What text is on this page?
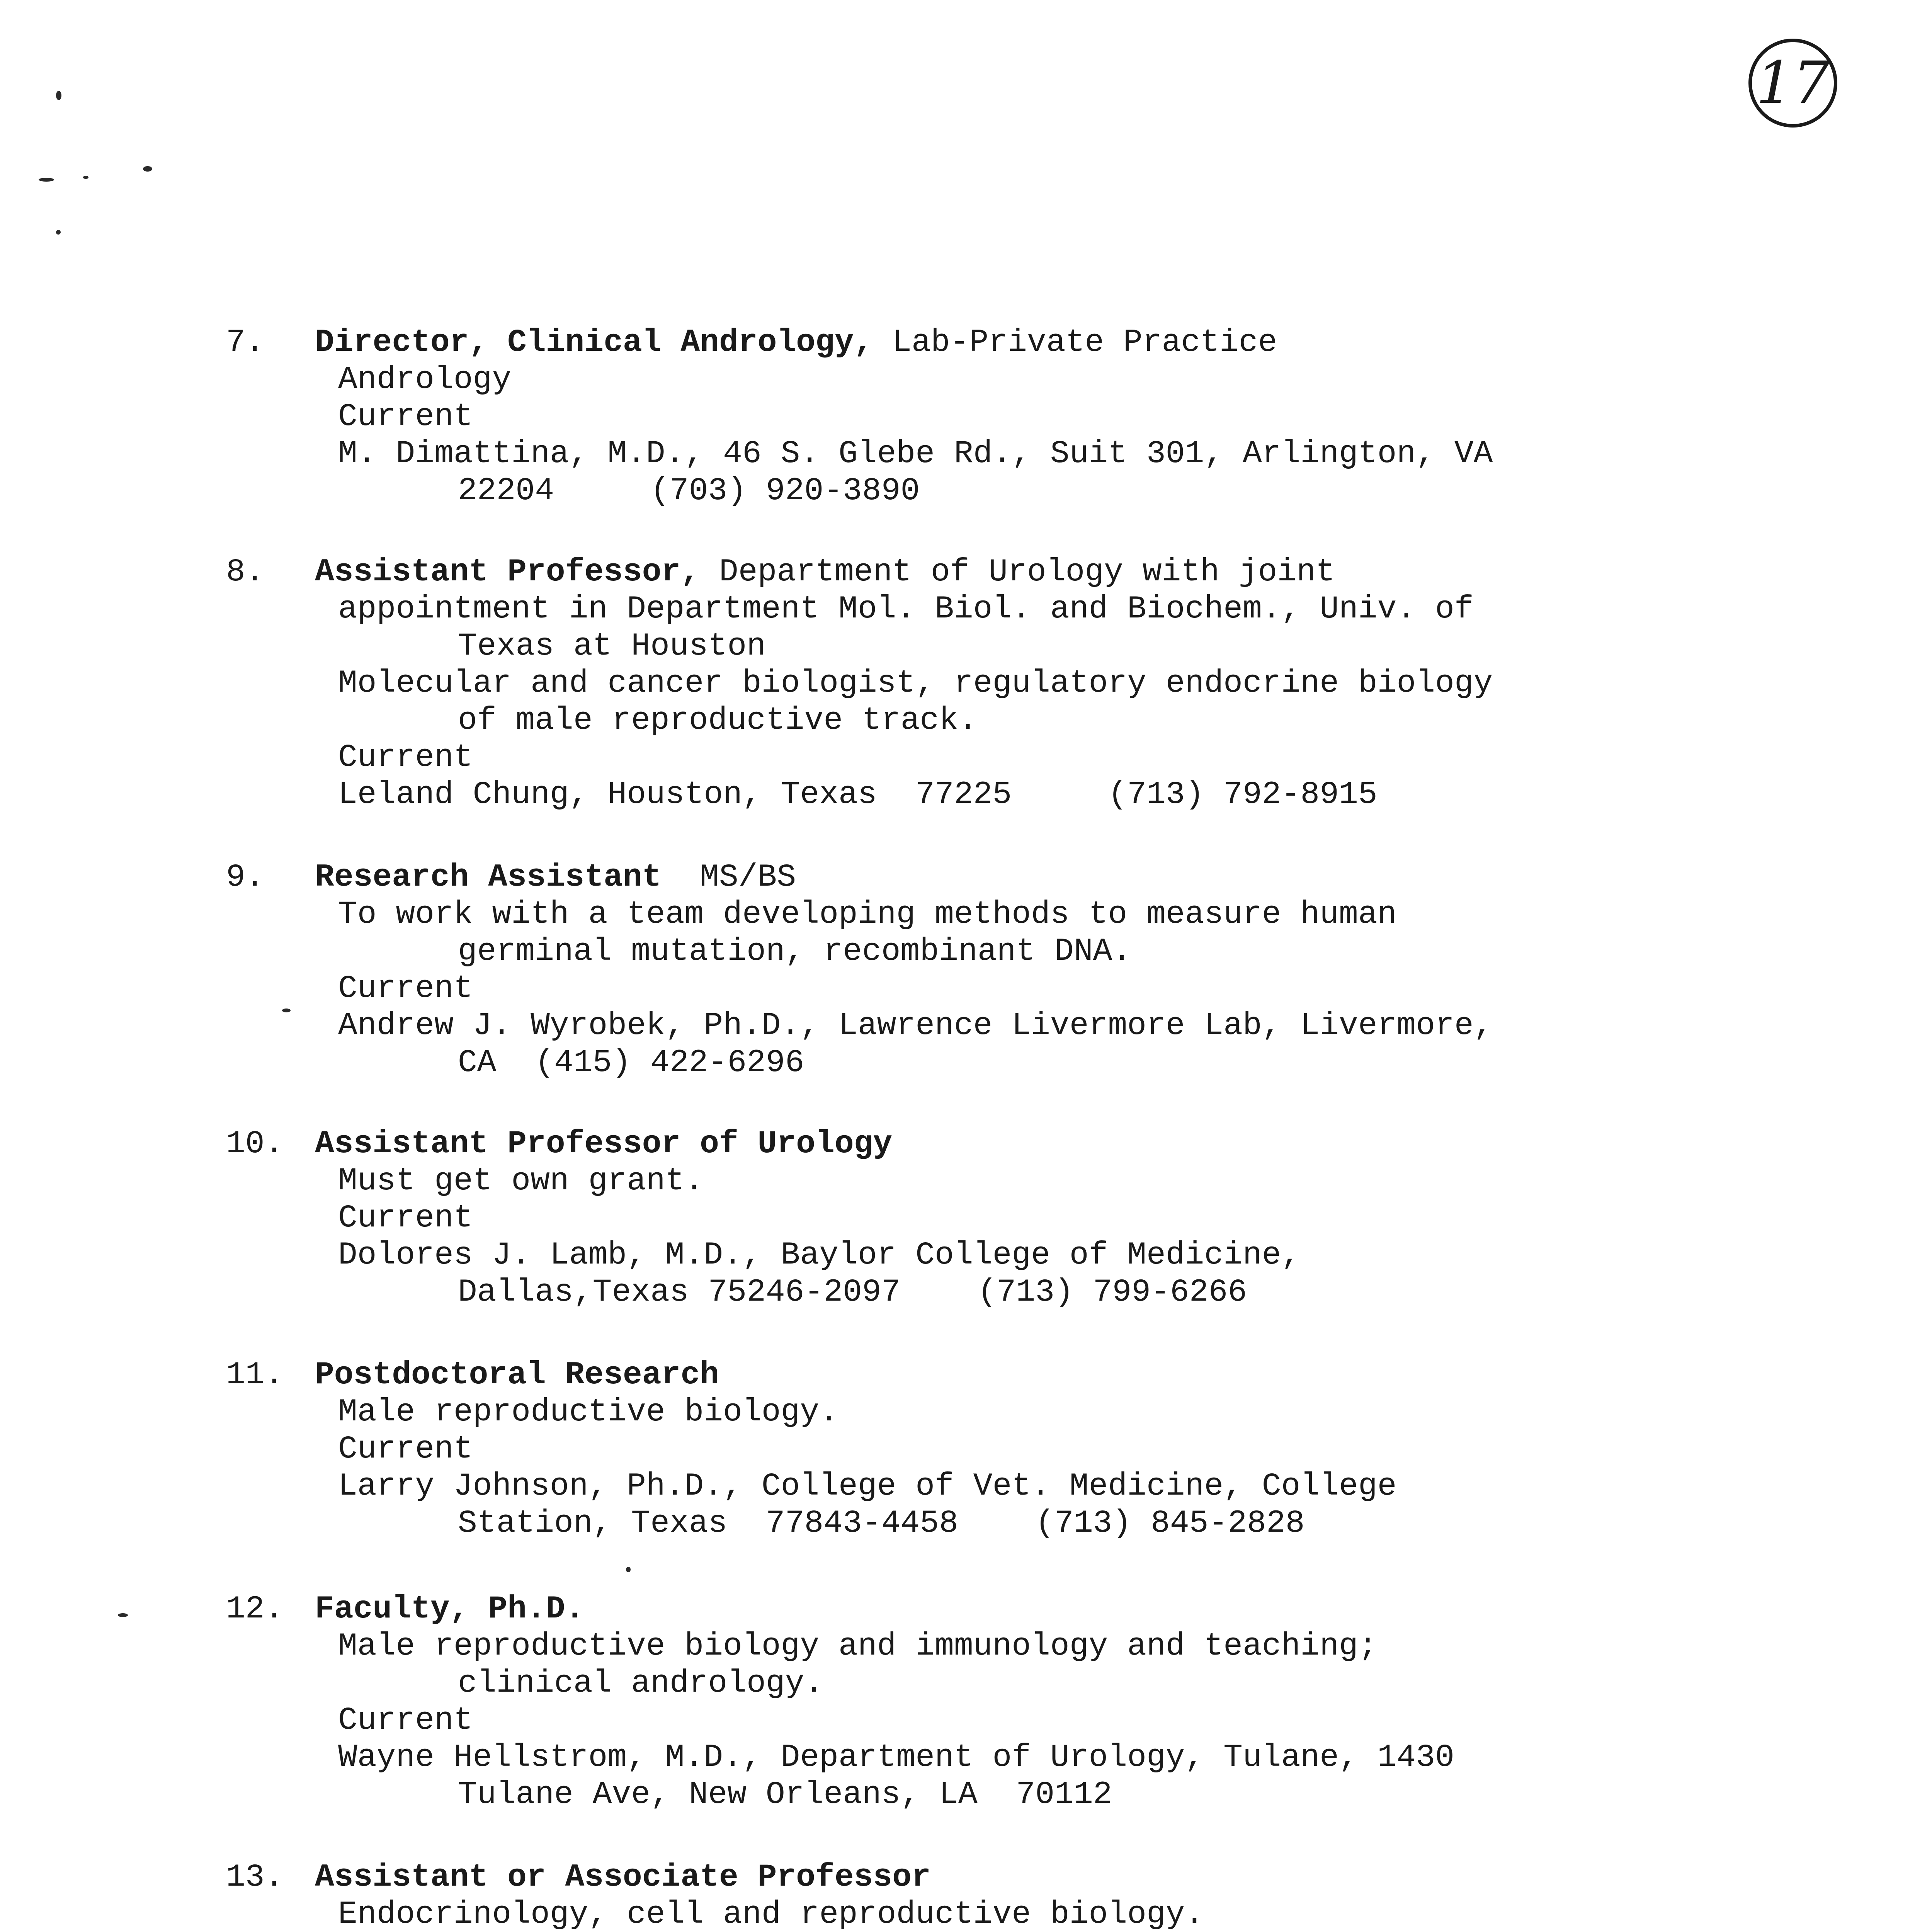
17
7. Director, Clinical Andrology, Lab-Private Practice
Andrology
Current
M. Dimattina, M.D., 46 S. Glebe Rd., Suit 301, Arlington, VA
22204     (703) 920-3890
8. Assistant Professor, Department of Urology with joint
appointment in Department Mol. Biol. and Biochem., Univ. of
Texas at Houston
Molecular and cancer biologist, regulatory endocrine biology
of male reproductive track.
Current
Leland Chung, Houston, Texas  77225     (713) 792-8915
9. Research Assistant  MS/BS
To work with a team developing methods to measure human
germinal mutation, recombinant DNA.
Current
Andrew J. Wyrobek, Ph.D., Lawrence Livermore Lab, Livermore,
CA  (415) 422-6296
10. Assistant Professor of Urology
Must get own grant.
Current
Dolores J. Lamb, M.D., Baylor College of Medicine,
Dallas,Texas 75246-2097    (713) 799-6266
11. Postdoctoral Research
Male reproductive biology.
Current
Larry Johnson, Ph.D., College of Vet. Medicine, College
Station, Texas  77843-4458    (713) 845-2828
12. Faculty, Ph.D.
Male reproductive biology and immunology and teaching;
clinical andrology.
Current
Wayne Hellstrom, M.D., Department of Urology, Tulane, 1430
Tulane Ave, New Orleans, LA  70112
13. Assistant or Associate Professor
Endocrinology, cell and reproductive biology.
